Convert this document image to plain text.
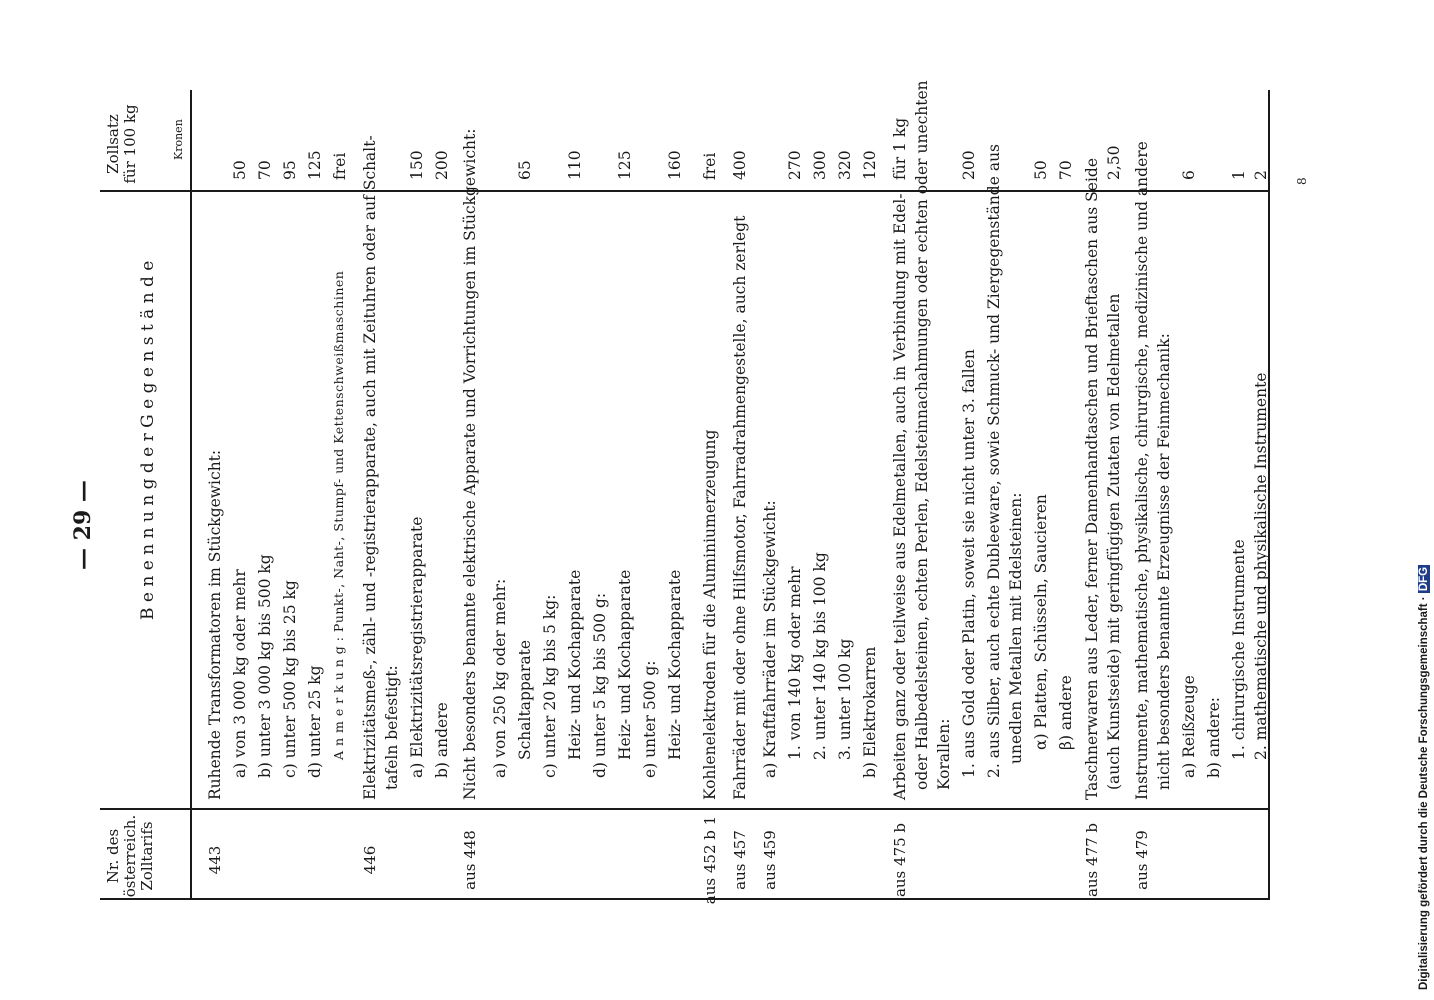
— 29 —
Nr. des österreich. Zolltarifs
B e n e n n u n g d e r G e g e n s t ä n d e
Zollsatz für 100 kg	Kronen
443
Ruhende Transformatoren im Stückgewicht: a) von 3 000 kg oder mehr
50
b) unter 3 000 kg bis 500 kg
70
c) unter 500 kg bis 25 kg
95
d) unter 25 kg
125
A n m e r k u n g : Punkt-, Naht-, Stumpf- und Kettenschweißmaschinen
frei
446
Elektrizitätsmeß-, zähl- und -registrierapparate, auch mit Zeituhren oder auf Schalt- tafeln befestigt: a) Elektrizitätsregistrierapparate
150
b) andere
200
aus 448
Nicht besonders benannte elektrische Apparate und Vorrichtungen im Stückgewicht: a) von 250 kg oder mehr: Schaltapparate
65
c) unter 20 kg bis 5 kg: Heiz- und Kochapparate
110
d) unter 5 kg bis 500 g: Heiz- und Kochapparate
125
e) unter 500 g: Heiz- und Kochapparate
160
aus 452 b 1
Kohlenelektroden für die Aluminiumerzeugung
frei
aus 457
Fahrräder mit oder ohne Hilfsmotor, Fahrradrahmengestelle, auch zerlegt
400
aus 459
a) Kraftfahrräder im Stückgewicht: 1. von 140 kg oder mehr
270
2. unter 140 kg bis 100 kg
300
3. unter 100 kg
320
b) Elektrokarren
120
aus 475 b
Arbeiten ganz oder teilweise aus Edelmetallen, auch in Verbindung mit Edel-
für 1 kg oder Halbedelsteinen, echten Perlen, Edelsteinnachahmungen oder echten oder unechten Korallen: 1. aus Gold oder Platin, soweit sie nicht unter 3. fallen
200 2. aus Silber, auch echte Dubleeware, sowie Schmuck- und Ziergegenstände aus unedlen Metallen mit Edelsteinen: α) Platten, Schüsseln, Saucieren
50
β) andere
70
aus 477 b
Taschnerwaren aus Leder, ferner Damenhandtaschen und Brieftaschen aus Seide (auch Kunstseide) mit geringfügigen Zutaten von Edelmetallen
2,50
aus 479
Instrumente, mathematische, physikalische, chirurgische, medizinische und andere nicht besonders benannte Erzeugnisse der Feinmechanik: a) Reißzeuge
6
b) andere: 1. chirurgische Instrumente
1
2. mathematische und physikalische Instrumente
2
8
Digitalisierung gefördert durch die Deutsche Forschungsgemeinschaft · DFG
